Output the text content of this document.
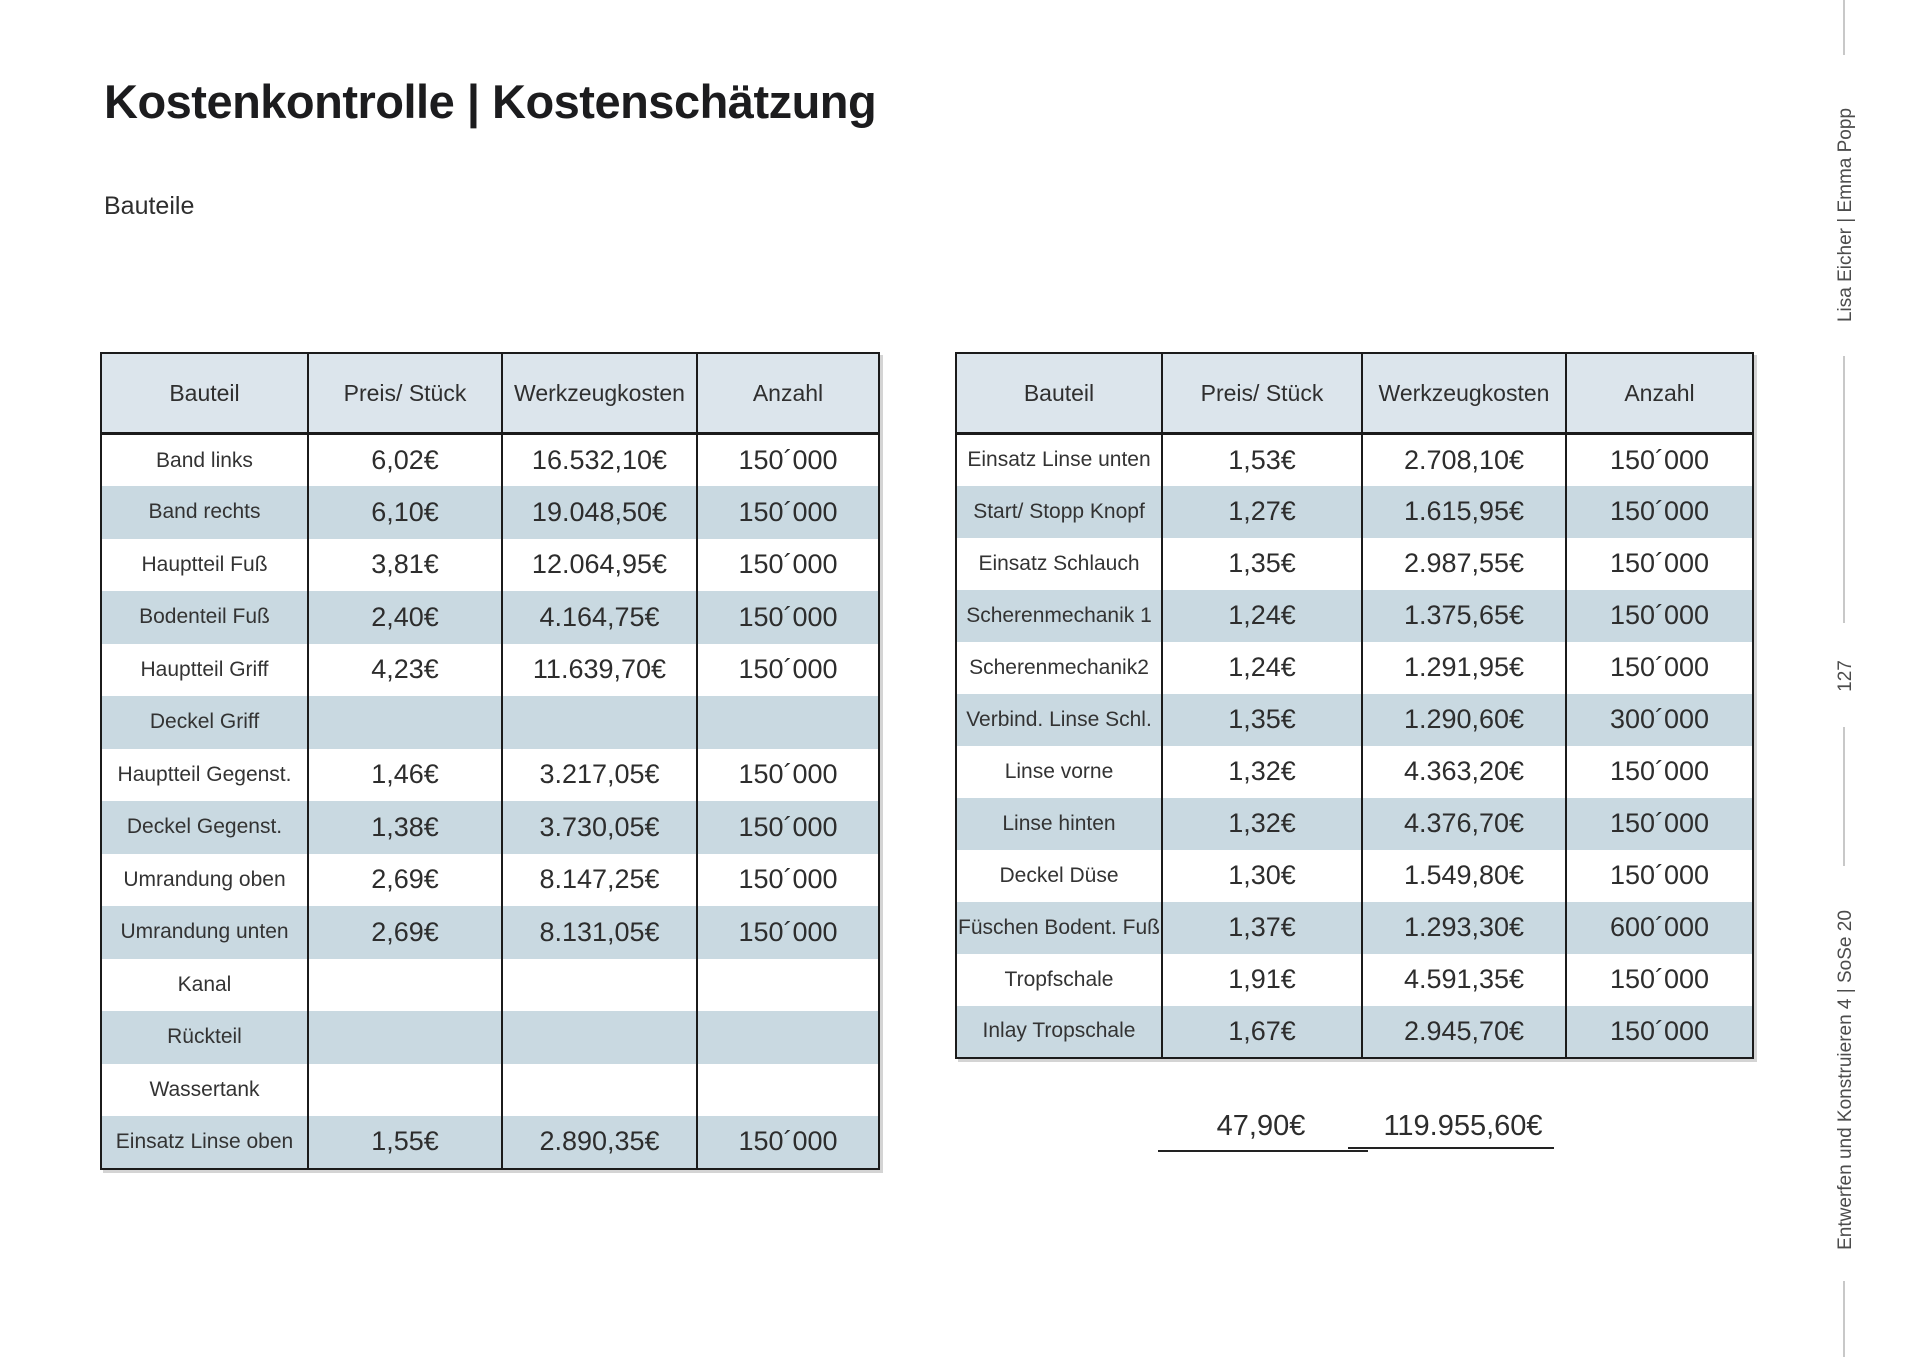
Kostenkontrolle | Kostenschätzung
Bauteile
Bauteil	Preis/ Stück	Werkzeugkosten	Anzahl
Band links	6,02€	16.532,10€	150´000
Band rechts	6,10€	19.048,50€	150´000
Hauptteil Fuß	3,81€	12.064,95€	150´000
Bodenteil Fuß	2,40€	4.164,75€	150´000
Hauptteil Griff	4,23€	11.639,70€	150´000
Deckel Griff			
Hauptteil Gegenst.	1,46€	3.217,05€	150´000
Deckel Gegenst.	1,38€	3.730,05€	150´000
Umrandung oben	2,69€	8.147,25€	150´000
Umrandung unten	2,69€	8.131,05€	150´000
Kanal			
Rückteil			
Wassertank			
Einsatz Linse oben	1,55€	2.890,35€	150´000
Bauteil	Preis/ Stück	Werkzeugkosten	Anzahl
Einsatz Linse unten	1,53€	2.708,10€	150´000
Start/ Stopp Knopf	1,27€	1.615,95€	150´000
Einsatz Schlauch	1,35€	2.987,55€	150´000
Scherenmechanik 1	1,24€	1.375,65€	150´000
Scherenmechanik2	1,24€	1.291,95€	150´000
Verbind. Linse Schl.	1,35€	1.290,60€	300´000
Linse vorne	1,32€	4.363,20€	150´000
Linse hinten	1,32€	4.376,70€	150´000
Deckel Düse	1,30€	1.549,80€	150´000
Füschen Bodent. Fuß	1,37€	1.293,30€	600´000
Tropfschale	1,91€	4.591,35€	150´000
Inlay Tropschale	1,67€	2.945,70€	150´000
47,90€	119.955,60€
Lisa Eicher | Emma Popp
127
Entwerfen und Konstruieren 4 | SoSe 20
